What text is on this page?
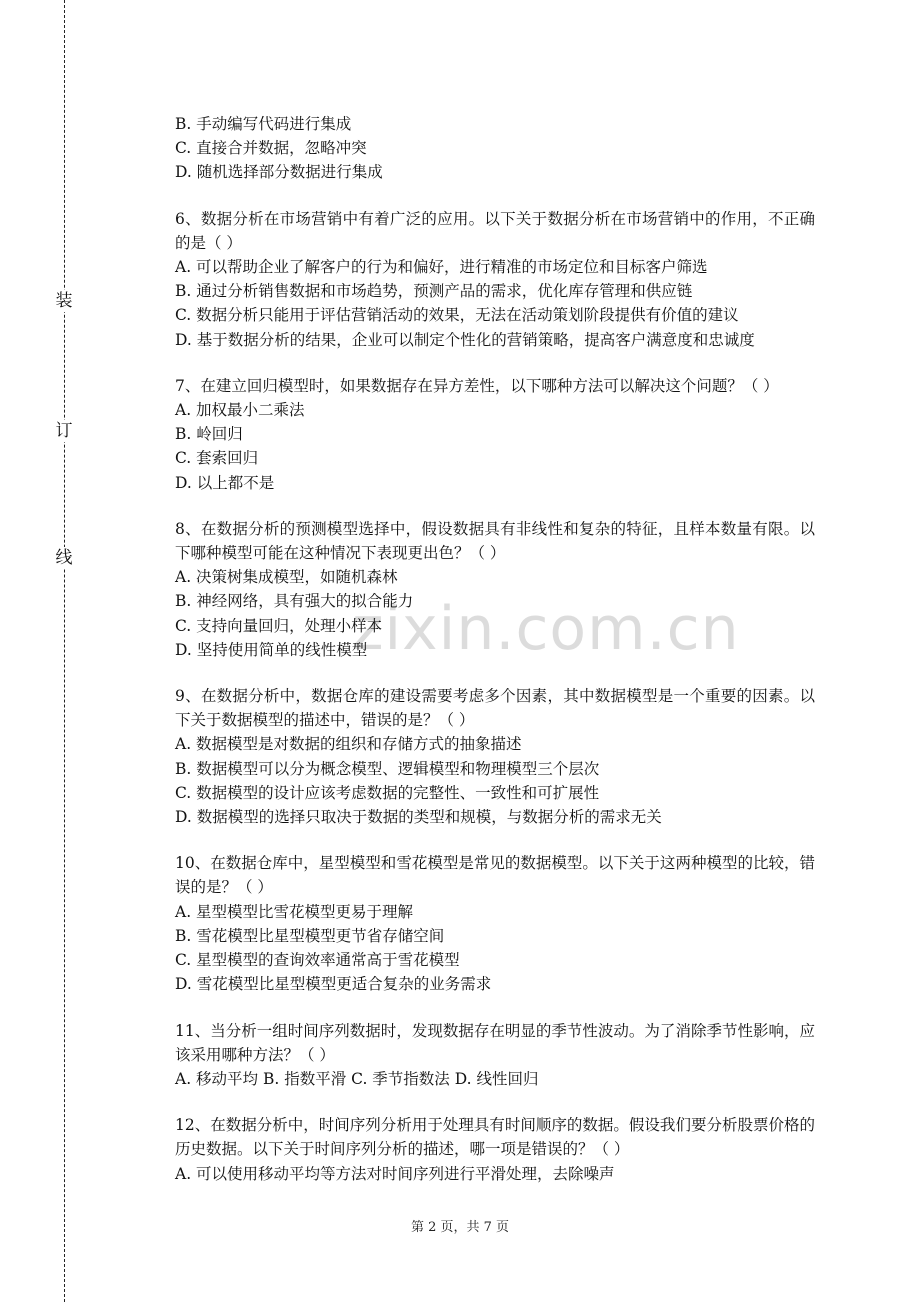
装
订
线
zixin.com.cn
B. 手动编写代码进行集成
C. 直接合并数据，忽略冲突
D. 随机选择部分数据进行集成
6、数据分析在市场营销中有着广泛的应用。以下关于数据分析在市场营销中的作用，不正确的是（ ）
A. 可以帮助企业了解客户的行为和偏好，进行精准的市场定位和目标客户筛选
B. 通过分析销售数据和市场趋势，预测产品的需求，优化库存管理和供应链
C. 数据分析只能用于评估营销活动的效果，无法在活动策划阶段提供有价值的建议
D. 基于数据分析的结果，企业可以制定个性化的营销策略，提高客户满意度和忠诚度
7、在建立回归模型时，如果数据存在异方差性，以下哪种方法可以解决这个问题？（ ）
A. 加权最小二乘法
B. 岭回归
C. 套索回归
D. 以上都不是
8、在数据分析的预测模型选择中，假设数据具有非线性和复杂的特征，且样本数量有限。以下哪种模型可能在这种情况下表现更出色？（ ）
A. 决策树集成模型，如随机森林
B. 神经网络，具有强大的拟合能力
C. 支持向量回归，处理小样本
D. 坚持使用简单的线性模型
9、在数据分析中，数据仓库的建设需要考虑多个因素，其中数据模型是一个重要的因素。以下关于数据模型的描述中，错误的是？（ ）
A. 数据模型是对数据的组织和存储方式的抽象描述
B. 数据模型可以分为概念模型、逻辑模型和物理模型三个层次
C. 数据模型的设计应该考虑数据的完整性、一致性和可扩展性
D. 数据模型的选择只取决于数据的类型和规模，与数据分析的需求无关
10、在数据仓库中，星型模型和雪花模型是常见的数据模型。以下关于这两种模型的比较，错误的是？（ ）
A. 星型模型比雪花模型更易于理解
B. 雪花模型比星型模型更节省存储空间
C. 星型模型的查询效率通常高于雪花模型
D. 雪花模型比星型模型更适合复杂的业务需求
11、当分析一组时间序列数据时，发现数据存在明显的季节性波动。为了消除季节性影响，应该采用哪种方法？（ ）
A. 移动平均 B. 指数平滑 C. 季节指数法 D. 线性回归
12、在数据分析中，时间序列分析用于处理具有时间顺序的数据。假设我们要分析股票价格的历史数据。以下关于时间序列分析的描述，哪一项是错误的？（ ）
A. 可以使用移动平均等方法对时间序列进行平滑处理，去除噪声
第 2 页，共 7 页
